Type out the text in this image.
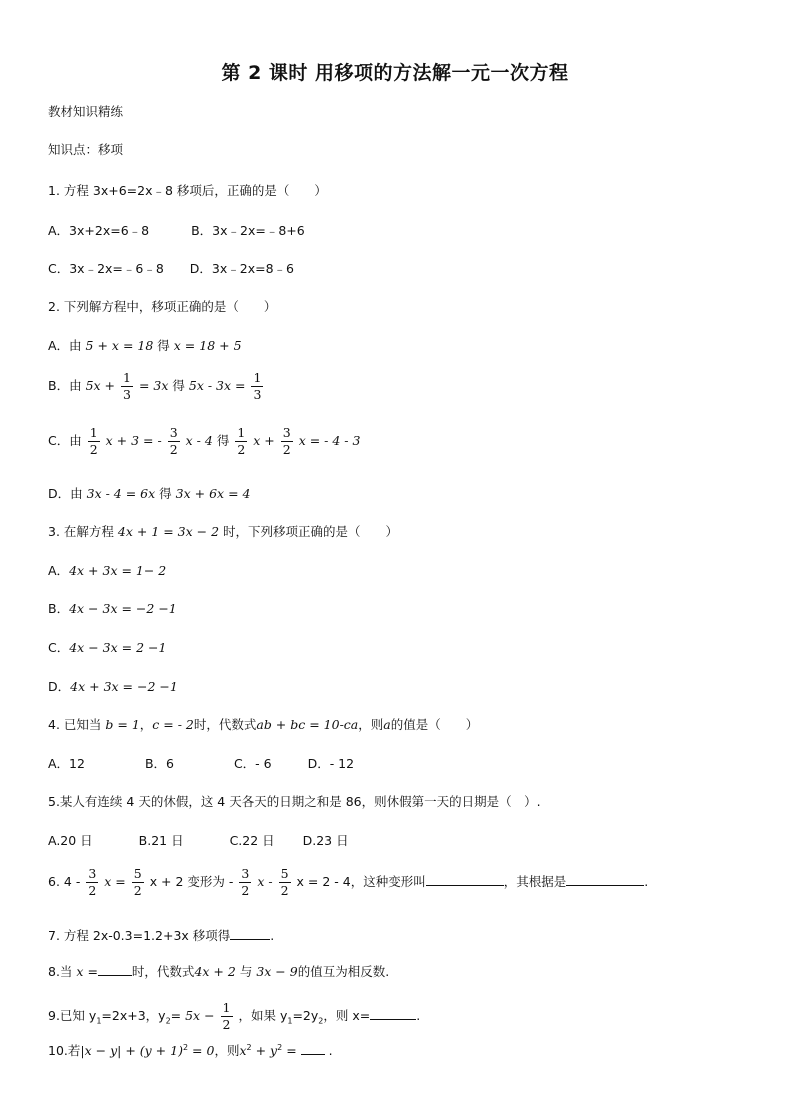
第 2 课时 用移项的方法解一元一次方程
教材知识精练
知识点：移项
1. 方程 3x+6=2x﹣8 移项后，正确的是（　　）
A．3x+2x=6﹣8	B．3x﹣2x=﹣8+6
C．3x﹣2x=﹣6﹣8 D．3x﹣2x=8﹣6
2. 下列解方程中，移项正确的是（　　）
A．由 5 + x = 18 得 x = 18 + 5
B．由 $5x + \frac{1}{3} = 3x$ 得 $5x - 3x = \frac{1}{3}$
C．由 $\frac{1}{2}$ x + 3 = - $\frac{3}{2}$ x - 4 得 $\frac{1}{2}$ $x + \frac{3}{2}$ x = - 4 - 3
D．由 3x - 4 = 6x 得 3x + 6x = 4
3. 在解方程 4x + 1 = 3x − 2 时，下列移项正确的是（　　）
A．4x + 3x = 1− 2
B．4x − 3x = −2 −1
C．4x − 3x = 2 −1
D．4x + 3x = −2 −1
4. 已知当 b = 1，c = - 2时，代数式ab + bc = 10-ca，则a的值是（　　）
A．12	B．6	C．- 6	D．- 12
5.某人有连续 4 天的休假，这 4 天各天的日期之和是 86，则休假第一天的日期是（　）.
A.20 日	B.21 日	C.22 日 D.23 日
6. $4 - \frac{3}{2}$ $x = \frac{5}{2}$ x + 2 变形为 - $\frac{3}{2}$ x - $\frac{5}{2}$ x = 2 - 4，这种变形叫	，其根据是	.
7. 方程 2x-0.3=1.2+3x 移项得	.
8.当 x =	时，代数式4x + 2 与 3x − 9的值互为相反数.
9.已知 $y_1=2x+3$，$y_2= 5x - \frac{1}{2}$ ，如果 $y_1=2y_2$，则 x=	.
10.若$|x - y| + (y + 1)^2 = 0$，则$x^2 + y^2$ =	.
